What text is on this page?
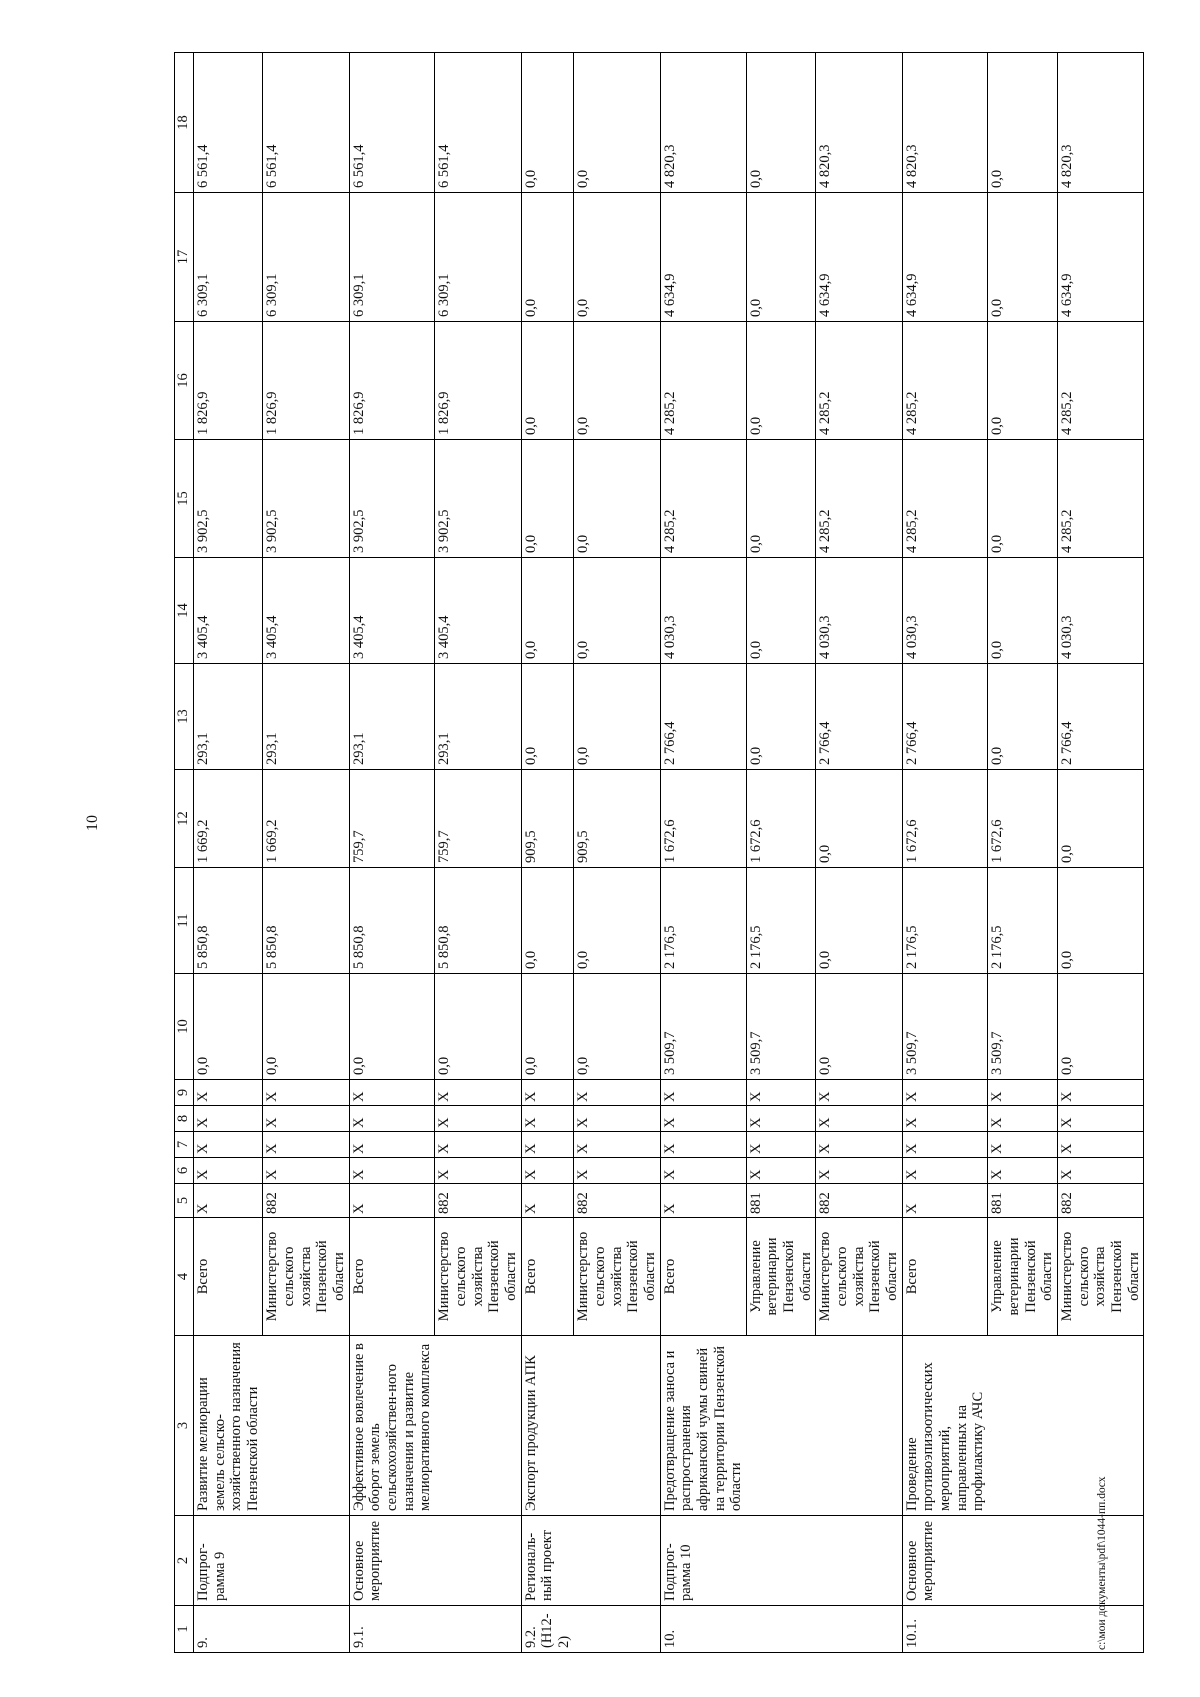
10
1	2	3	4	5	6	7	8	9	10	11	12	13	14	15	16	17	18
9.	Подпрог-рамма 9	Развитие мелиорации земель сельско-хозяйственного назначения Пензенской области	Всего	Х	Х	Х	Х	Х	0,0	5 850,8	1 669,2	293,1	3 405,4	3 902,5	1 826,9	6 309,1	6 561,4
			Министерство сельского хозяйства Пензенской области	882	Х	Х	Х	Х	0,0	5 850,8	1 669,2	293,1	3 405,4	3 902,5	1 826,9	6 309,1	6 561,4
9.1.	Основное мероприятие	Эффективное вовлечение в оборот земель сельскохозяйствен-ного назначения и развитие мелиоративного комплекса	Всего	Х	Х	Х	Х	Х	0,0	5 850,8	759,7	293,1	3 405,4	3 902,5	1 826,9	6 309,1	6 561,4
			Министерство сельского хозяйства Пензенской области	882	Х	Х	Х	Х	0,0	5 850,8	759,7	293,1	3 405,4	3 902,5	1 826,9	6 309,1	6 561,4
9.2. (Н12-2)	Региональ-ный проект	Экспорт продукции АПК	Всего	Х	Х	Х	Х	Х	0,0	0,0	909,5	0,0	0,0	0,0	0,0	0,0	0,0
			Министерство сельского хозяйства Пензенской области	882	Х	Х	Х	Х	0,0	0,0	909,5	0,0	0,0	0,0	0,0	0,0	0,0
10.	Подпрог-рамма 10	Предотвращение заноса и распространения африканской чумы свиней на территории Пензенской области	Всего	Х	Х	Х	Х	Х	3 509,7	2 176,5	1 672,6	2 766,4	4 030,3	4 285,2	4 285,2	4 634,9	4 820,3
			Управление ветеринарии Пензенской области	881	Х	Х	Х	Х	3 509,7	2 176,5	1 672,6	0,0	0,0	0,0	0,0	0,0	0,0
			Министерство сельского хозяйства Пензенской области	882	Х	Х	Х	Х	0,0	0,0	0,0	2 766,4	4 030,3	4 285,2	4 285,2	4 634,9	4 820,3
10.1.	Основное мероприятие	Проведение противоэпизоотических мероприятий, направленных на профилактику АЧС	Всего	Х	Х	Х	Х	Х	3 509,7	2 176,5	1 672,6	2 766,4	4 030,3	4 285,2	4 285,2	4 634,9	4 820,3
			Управление ветеринарии Пензенской области	881	Х	Х	Х	Х	3 509,7	2 176,5	1 672,6	0,0	0,0	0,0	0,0	0,0	0,0
			Министерство сельского хозяйства Пензенской области	882	Х	Х	Х	Х	0,0	0,0	0,0	2 766,4	4 030,3	4 285,2	4 285,2	4 634,9	4 820,3
c:\мои документы\pdf\1044-пп.docx
